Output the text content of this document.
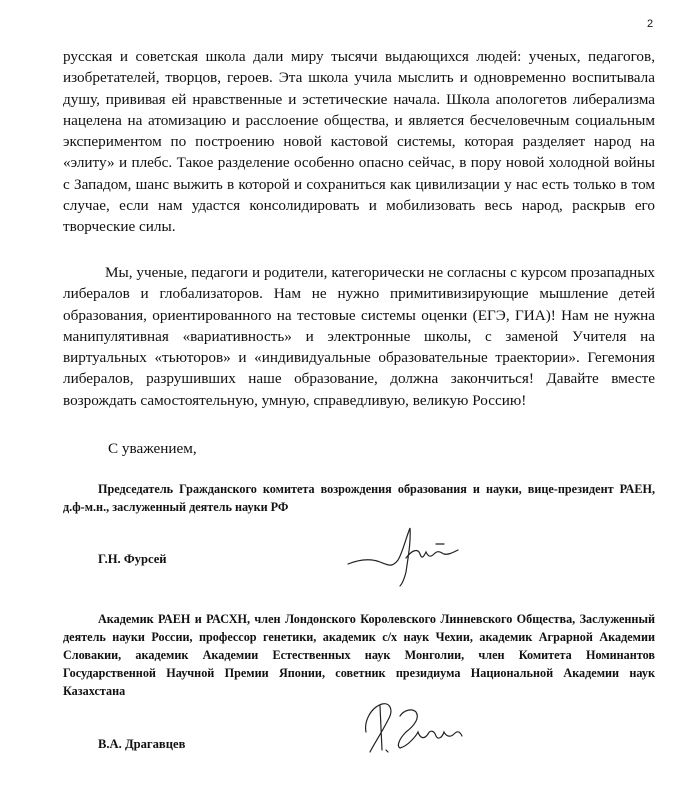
2

русская и советская школа дали миру тысячи выдающихся людей: ученых, педагогов, изобретателей, творцов, героев. Эта школа учила мыслить и одновременно воспитывала душу, прививая ей нравственные и эстетические начала. Школа апологетов либерализма нацелена на атомизацию и расслоение общества, и является бесчеловечным социальным экспериментом по построению новой кастовой системы, которая разделяет народ на «элиту» и плебс. Такое разделение особенно опасно сейчас, в пору новой холодной войны с Западом, шанс выжить в которой и сохраниться как цивилизации у нас есть только в том случае, если нам удастся консолидировать и мобилизовать весь народ, раскрыв его творческие силы.

Мы, ученые, педагоги и родители, категорически не согласны с курсом прозападных либералов и глобализаторов. Нам не нужно примитивизирующие мышление детей образования, ориентированного на тестовые системы оценки (ЕГЭ, ГИА)! Нам не нужна манипулятивная «вариативность» и электронные школы, с заменой Учителя на виртуальных «тьюторов» и «индивидуальные образовательные траектории». Гегемония либералов, разрушивших наше образование, должна закончиться! Давайте вместе возрождать самостоятельную, умную, справедливую, великую Россию!

С уважением,

Председатель Гражданского комитета возрождения образования и науки, вице-президент РАЕН, д.ф-м.н., заслуженный деятель науки РФ

Г.Н. Фурсей

Академик РАЕН и РАСХН, член Лондонского Королевского Линневского Общества, Заслуженный деятель науки России, профессор генетики, академик с/х наук Чехии, академик Аграрной Академии Словакии, академик Академии Естественных наук Монголии, член Комитета Номинантов Государственной Научной Премии Японии, советник президиума Национальной Академии наук Казахстана

В.А. Драгавцев
